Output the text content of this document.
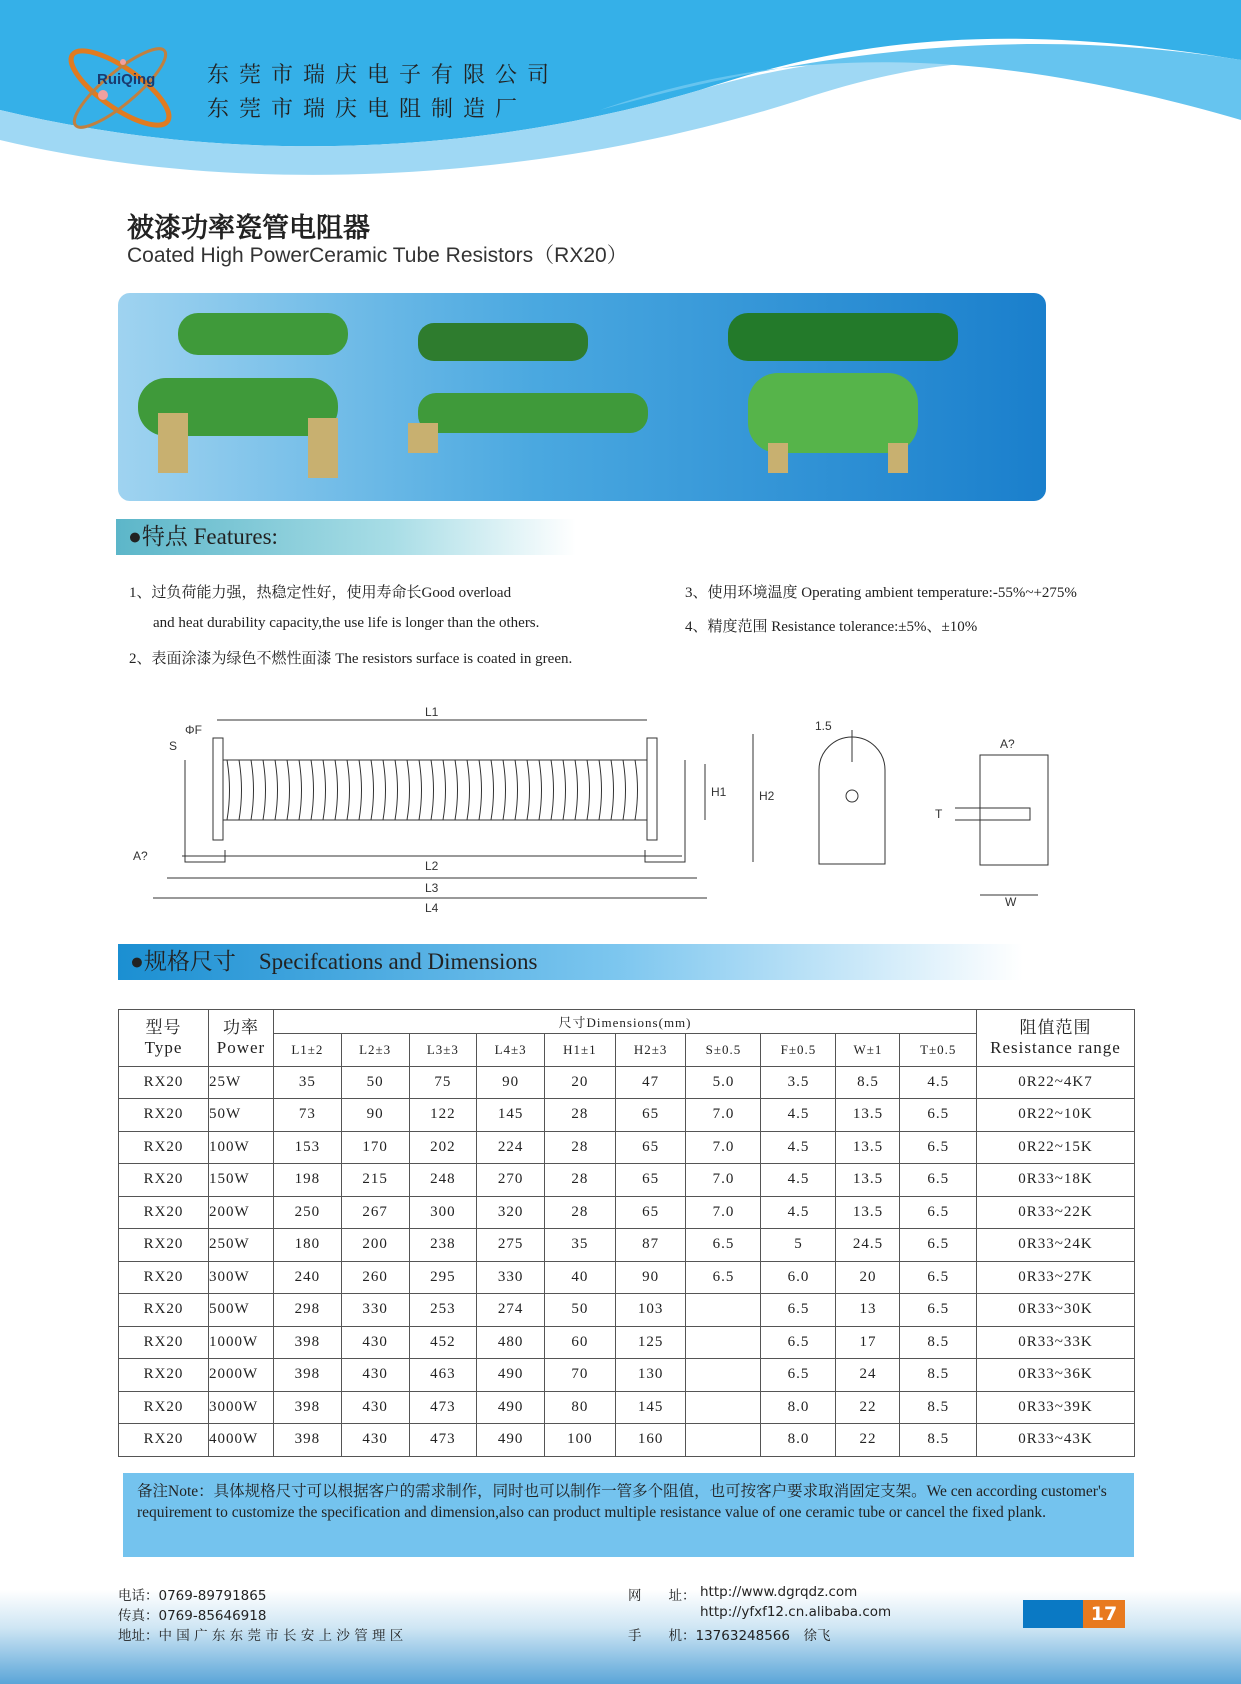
RuiQing 东莞市瑞庆电子有限公司
东莞市瑞庆电阻制造厂
被漆功率瓷管电阻器
Coated High PowerCeramic Tube Resistors（RX20）
●特点 Features:
1、过负荷能力强，热稳定性好，使用寿命长Good overload
and heat durability capacity,the use life is longer than the others.
2、表面涂漆为绿色不燃性面漆 The resistors surface is coated in green.
3、使用环境温度 Operating ambient temperature:-55%~+275%
4、精度范围 Resistance tolerance:±5%、±10%
L1
L2
L3
L4
H1	H2
ΦF
S
A?
1.5
T
W
A?
●规格尺寸　Specifcations and Dimensions
型号
Type	功率
Power	尺寸Dimensions(mm)										阻值范围
Resistance range
		L1±2	L2±3	L3±3	L4±3	H1±1	H2±3	S±0.5	F±0.5	W±1	T±0.5	
RX20	25W	35	50	75	90	20	47	5.0	3.5	8.5	4.5	0R22~4K7
RX20	50W	73	90	122	145	28	65	7.0	4.5	13.5	6.5	0R22~10K
RX20	100W	153	170	202	224	28	65	7.0	4.5	13.5	6.5	0R22~15K
RX20	150W	198	215	248	270	28	65	7.0	4.5	13.5	6.5	0R33~18K
RX20	200W	250	267	300	320	28	65	7.0	4.5	13.5	6.5	0R33~22K
RX20	250W	180	200	238	275	35	87	6.5	5	24.5	6.5	0R33~24K
RX20	300W	240	260	295	330	40	90	6.5	6.0	20	6.5	0R33~27K
RX20	500W	298	330	253	274	50	103		6.5	13	6.5	0R33~30K
RX20	1000W	398	430	452	480	60	125		6.5	17	8.5	0R33~33K
RX20	2000W	398	430	463	490	70	130		6.5	24	8.5	0R33~36K
RX20	3000W	398	430	473	490	80	145		8.0	22	8.5	0R33~39K
RX20	4000W	398	430	473	490	100	160		8.0	22	8.5	0R33~43K
备注Note：具体规格尺寸可以根据客户的需求制作，同时也可以制作一管多个阻值，也可按客户要求取消固定支架。We cen according customer's requirement to customize the specification and dimension,also can product multiple resistance value of one ceramic tube or cancel the fixed plank.
电话：0769-89791865
传真：0769-85646918
地址：中 国 广 东 东 莞 市 长 安 上 沙 管 理 区
网　　址： http://www.dgrqdz.com
http://yfxf12.cn.alibaba.com
手　　机：13763248566　徐飞
17
